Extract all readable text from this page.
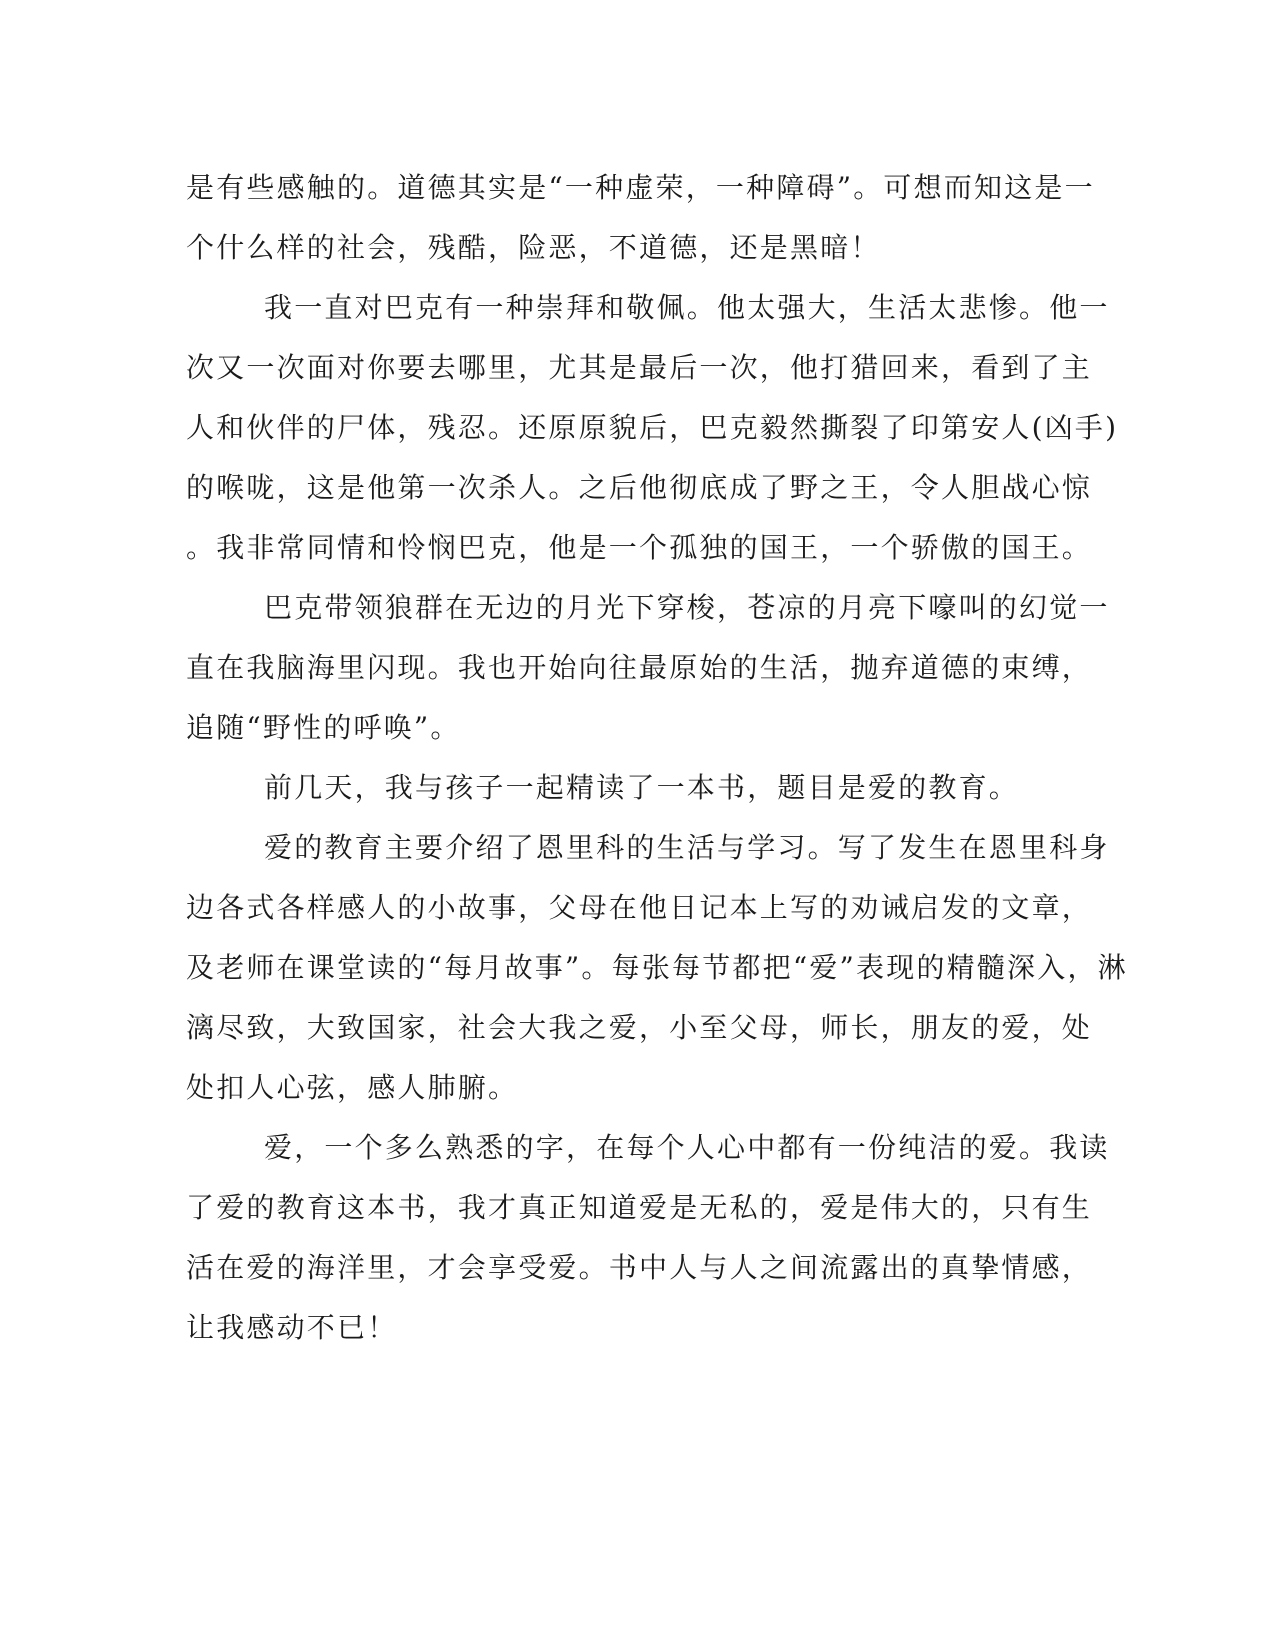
是有些感触的。道德其实是“一种虚荣，一种障碍”。可想而知这是一
个什么样的社会，残酷，险恶，不道德，还是黑暗！
我一直对巴克有一种崇拜和敬佩。他太强大，生活太悲惨。他一
次又一次面对你要去哪里，尤其是最后一次，他打猎回来，看到了主
人和伙伴的尸体，残忍。还原原貌后，巴克毅然撕裂了印第安人(凶手)
的喉咙，这是他第一次杀人。之后他彻底成了野之王，令人胆战心惊
。我非常同情和怜悯巴克，他是一个孤独的国王，一个骄傲的国王。
巴克带领狼群在无边的月光下穿梭，苍凉的月亮下嚎叫的幻觉一
直在我脑海里闪现。我也开始向往最原始的生活，抛弃道德的束缚，
追随“野性的呼唤”。
前几天，我与孩子一起精读了一本书，题目是爱的教育。
爱的教育主要介绍了恩里科的生活与学习。写了发生在恩里科身
边各式各样感人的小故事，父母在他日记本上写的劝诫启发的文章，
及老师在课堂读的“每月故事”。每张每节都把“爱”表现的精髓深入，淋
漓尽致，大致国家，社会大我之爱，小至父母，师长，朋友的爱，处
处扣人心弦，感人肺腑。
爱，一个多么熟悉的字，在每个人心中都有一份纯洁的爱。我读
了爱的教育这本书，我才真正知道爱是无私的，爱是伟大的，只有生
活在爱的海洋里，才会享受爱。书中人与人之间流露出的真挚情感，
让我感动不已！
